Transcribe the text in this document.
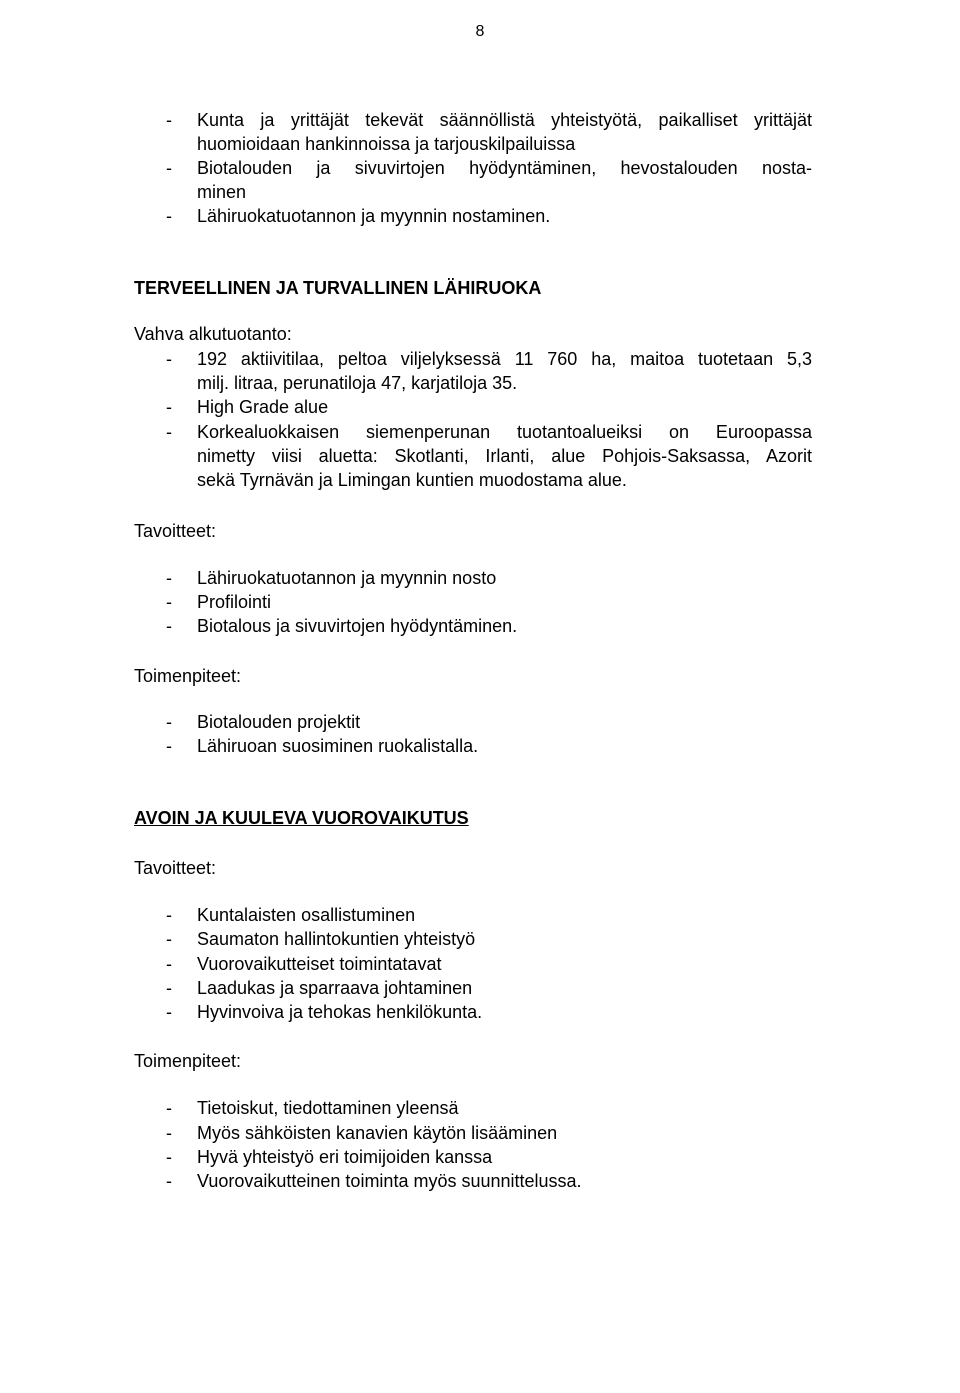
8
-	Kunta ja yrittäjät tekevät säännöllistä yhteistyötä, paikalliset yrittäjät
huomioidaan hankinnoissa ja tarjouskilpailuissa
-	Biotalouden ja sivuvirtojen hyödyntäminen, hevostalouden nosta-
minen
-	Lähiruokatuotannon ja myynnin nostaminen.
TERVEELLINEN JA TURVALLINEN LÄHIRUOKA
Vahva alkutuotanto:
-	192 aktiivitilaa, peltoa viljelyksessä 11 760 ha, maitoa tuotetaan 5,3
milj. litraa, perunatiloja 47, karjatiloja 35.
-	High Grade alue
-	Korkealuokkaisen siemenperunan tuotantoalueiksi on Euroopassa
nimetty viisi aluetta: Skotlanti, Irlanti, alue Pohjois-Saksassa, Azorit
sekä Tyrnävän ja Limingan kuntien muodostama alue.
Tavoitteet:
-	Lähiruokatuotannon ja myynnin nosto
-	Profilointi
-	Biotalous ja sivuvirtojen hyödyntäminen.
Toimenpiteet:
-	Biotalouden projektit
-	Lähiruoan suosiminen ruokalistalla.
AVOIN JA KUULEVA VUOROVAIKUTUS
Tavoitteet:
-	Kuntalaisten osallistuminen
-	Saumaton hallintokuntien yhteistyö
-	Vuorovaikutteiset toimintatavat
-	Laadukas ja sparraava johtaminen
-	Hyvinvoiva ja tehokas henkilökunta.
Toimenpiteet:
-	Tietoiskut, tiedottaminen yleensä
-	Myös sähköisten kanavien käytön lisääminen
-	Hyvä yhteistyö eri toimijoiden kanssa
-	Vuorovaikutteinen toiminta myös suunnittelussa.
